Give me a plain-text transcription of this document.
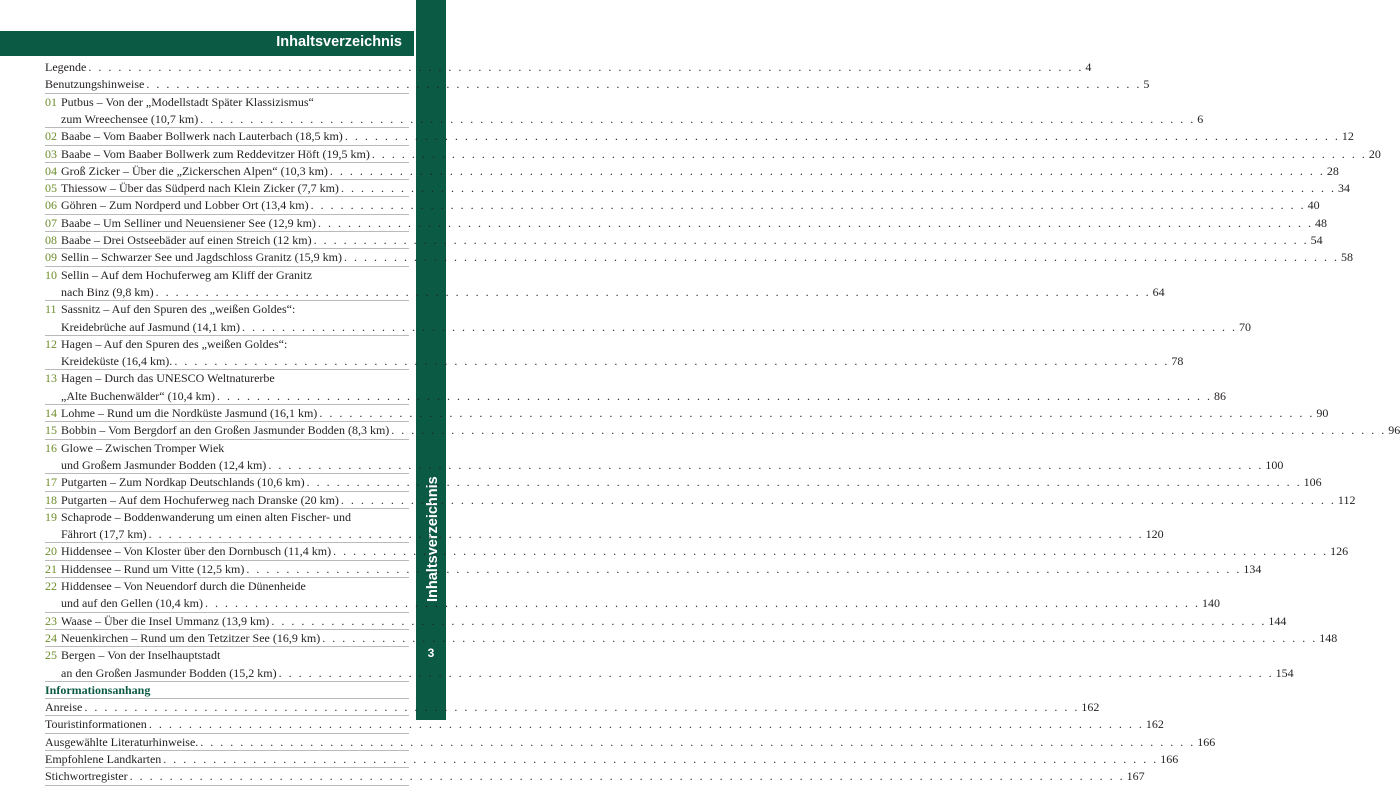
Inhaltsverzeichnis
Inhaltsverzeichnis
3
Legende . . .	4
Benutzungshinweise . . .	5
01 Putbus – Von der „Modellstadt Später Klassizismus“
zum Wreechensee (10,7 km) . . .	6
02 Baabe – Vom Baaber Bollwerk nach Lauterbach (18,5 km) . . .	12
03 Baabe – Vom Baaber Bollwerk zum Reddevitzer Höft (19,5 km) . . .	20
04 Groß Zicker – Über die „Zickerschen Alpen“ (10,3 km) . . .	28
05 Thiessow – Über das Südperd nach Klein Zicker (7,7 km) . . .	34
06 Göhren – Zum Nordperd und Lobber Ort (13,4 km) . . .	40
07 Baabe – Um Selliner und Neuensiener See (12,9 km) . . .	48
08 Baabe – Drei Ostseebäder auf einen Streich (12 km) . . .	54
09 Sellin – Schwarzer See und Jagdschloss Granitz (15,9 km) . . .	58
10 Sellin – Auf dem Hochuferweg am Kliff der Granitz
nach Binz (9,8 km) . . .	64
11 Sassnitz – Auf den Spuren des „weißen Goldes“:
Kreidebrüche auf Jasmund (14,1 km) . . .	70
12 Hagen – Auf den Spuren des „weißen Goldes“:
Kreideküste (16,4 km). . . .	78
13 Hagen – Durch das UNESCO Weltnaturerbe
„Alte Buchenwälder“ (10,4 km) . . .	86
14 Lohme – Rund um die Nordküste Jasmund (16,1 km) . . .	90
15 Bobbin – Vom Bergdorf an den Großen Jasmunder Bodden (8,3 km) . . .	96
16 Glowe – Zwischen Tromper Wiek
und Großem Jasmunder Bodden (12,4 km) . . .	100
17 Putgarten – Zum Nordkap Deutschlands (10,6 km) . . .	106
18 Putgarten – Auf dem Hochuferweg nach Dranske (20 km) . . .	112
19 Schaprode – Boddenwanderung um einen alten Fischer- und
Fährort (17,7 km) . . .	120
20 Hiddensee – Von Kloster über den Dornbusch (11,4 km) . . .	126
21 Hiddensee – Rund um Vitte (12,5 km) . . .	134
22 Hiddensee – Von Neuendorf durch die Dünenheide
und auf den Gellen (10,4 km) . . .	140
23 Waase – Über die Insel Ummanz (13,9 km) . . .	144
24 Neuenkirchen – Rund um den Tetzitzer See (16,9 km) . . .	148
25 Bergen – Von der Inselhauptstadt
an den Großen Jasmunder Bodden (15,2 km) . . .	154
Informationsanhang
Anreise . . .	162
Touristinformationen . . .	162
Ausgewählte Literaturhinweise. . . .	166
Empfohlene Landkarten . . .	166
Stichwortregister . . .	167
